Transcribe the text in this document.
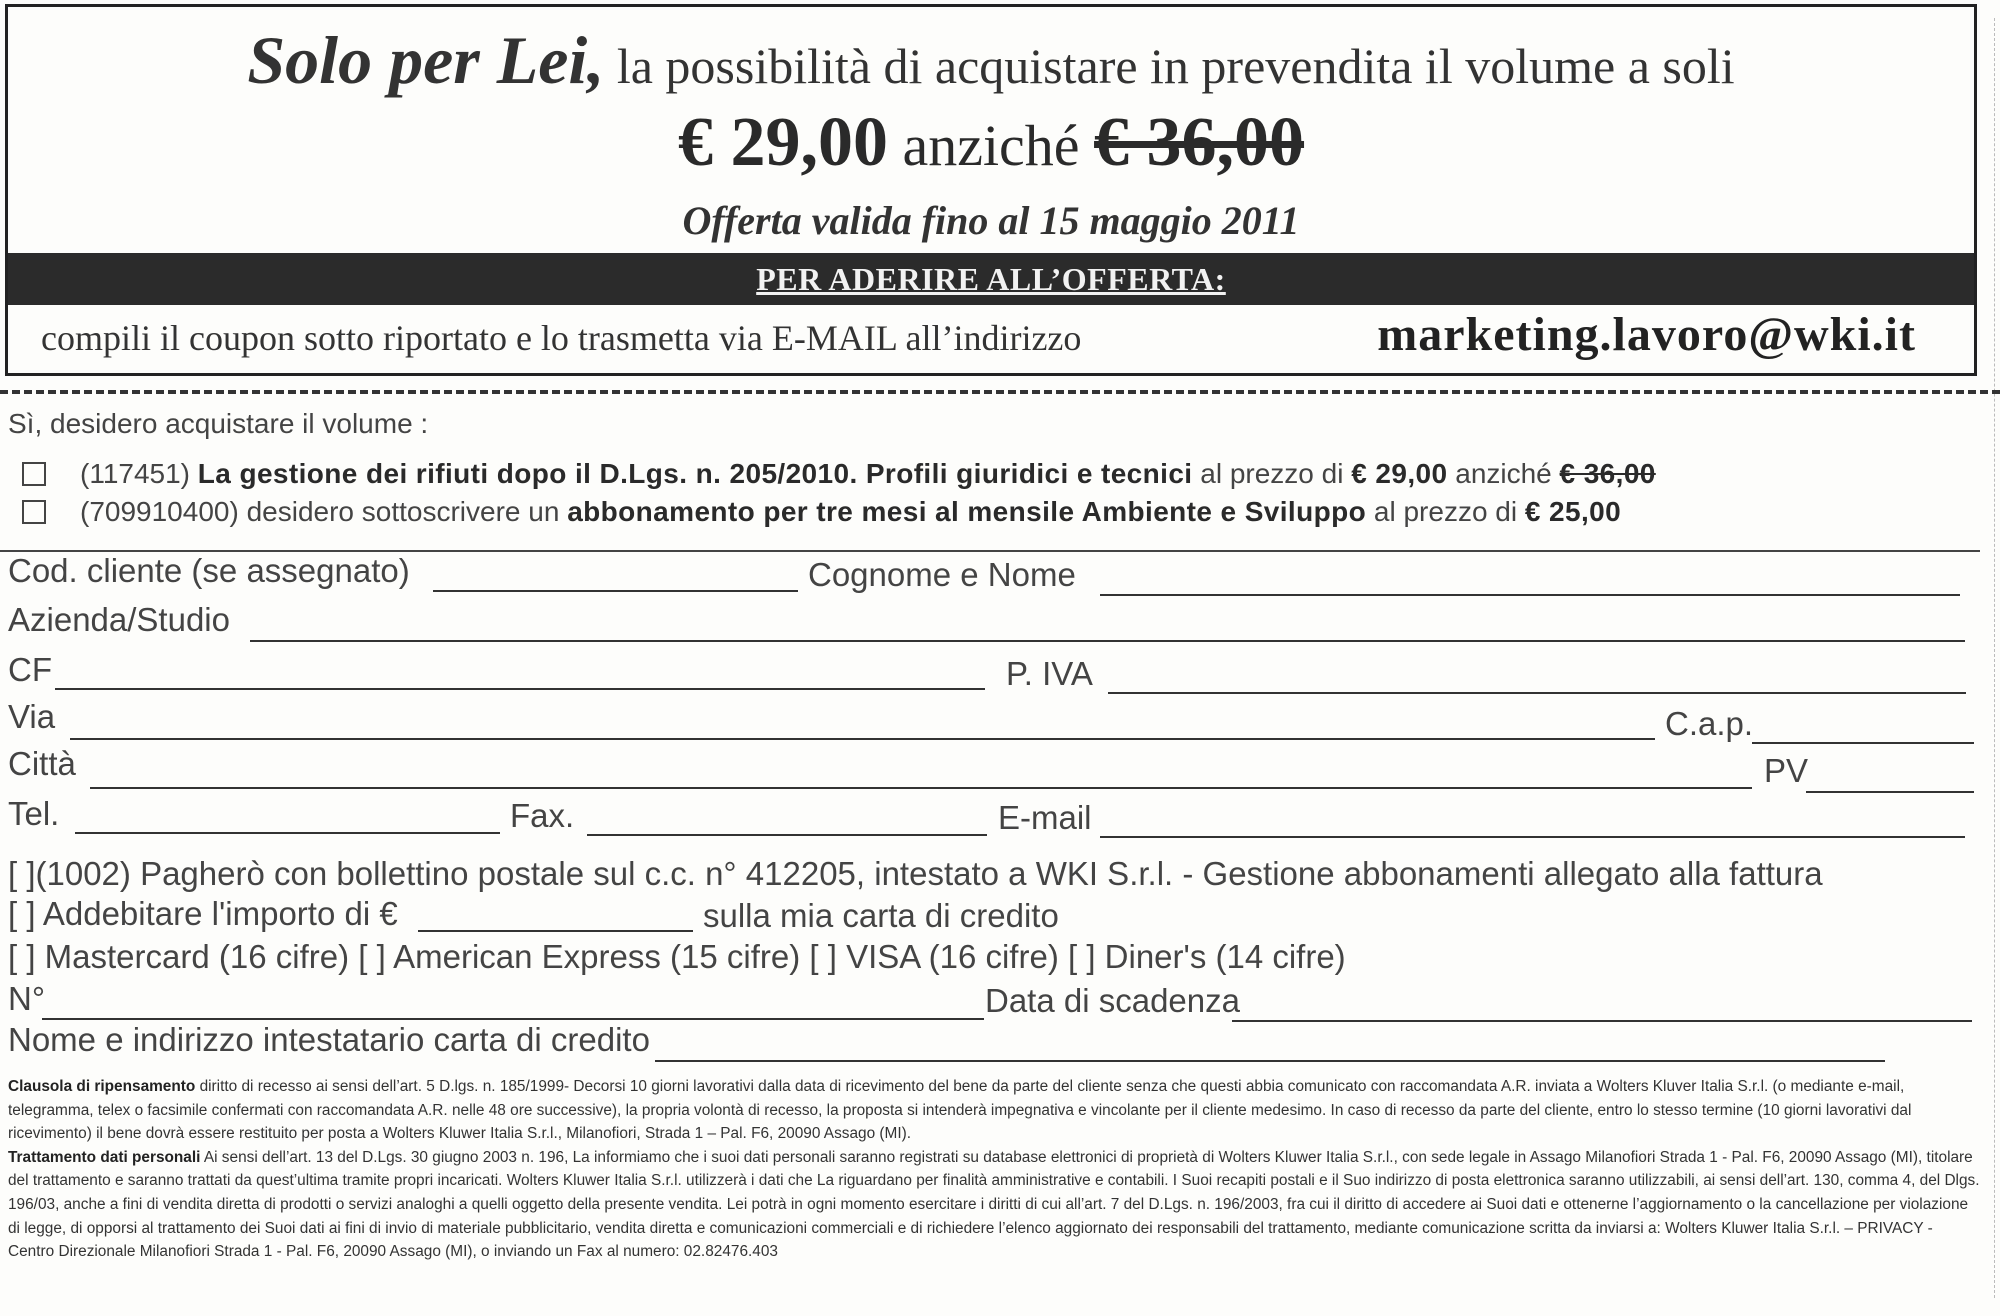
Solo per Lei, la possibilità di acquistare in prevendita il volume a soli
€ 29,00 anziché € 36,00
Offerta valida fino al 15 maggio 2011
PER ADERIRE ALL’OFFERTA:
compili il coupon sotto riportato e lo trasmetta via E-MAIL all’indirizzo	marketing.lavoro@wki.it
Sì, desidero acquistare il volume :
(117451) La gestione dei rifiuti dopo il D.Lgs. n. 205/2010. Profili giuridici e tecnici al prezzo di € 29,00 anziché € 36,00
(709910400) desidero sottoscrivere un abbonamento per tre mesi al mensile Ambiente e Sviluppo al prezzo di € 25,00
Cod. cliente (se assegnato)	Cognome e Nome
Azienda/Studio
CF	P. IVA
Via	C.a.p.
Città	PV
Tel.	Fax.	E-mail
[ ](1002) Pagherò con bollettino postale sul c.c. n° 412205, intestato a WKI S.r.l. - Gestione abbonamenti allegato alla fattura
[ ] Addebitare l'importo di €	sulla mia carta di credito
[ ] Mastercard (16 cifre) [ ] American Express (15 cifre) [ ] VISA (16 cifre) [ ] Diner's (14 cifre)
N°	Data di scadenza
Nome e indirizzo intestatario carta di credito
Clausola di ripensamento diritto di recesso ai sensi dell’art. 5 D.lgs. n. 185/1999- Decorsi 10 giorni lavorativi dalla data di ricevimento del bene da parte del cliente senza che questi abbia comunicato con raccomandata A.R. inviata a Wolters Kluver Italia S.r.l. (o mediante e-mail, telegramma, telex o facsimile confermati con raccomandata A.R. nelle 48 ore successive), la propria volontà di recesso, la proposta si intenderà impegnativa e vincolante per il cliente medesimo. In caso di recesso da parte del cliente, entro lo stesso termine (10 giorni lavorativi dal ricevimento) il bene dovrà essere restituito per posta a Wolters Kluwer Italia S.r.l., Milanofiori, Strada 1 – Pal. F6, 20090 Assago (MI).
Trattamento dati personali Ai sensi dell’art. 13 del D.Lgs. 30 giugno 2003 n. 196, La informiamo che i suoi dati personali saranno registrati su database elettronici di proprietà di Wolters Kluwer Italia S.r.l., con sede legale in Assago Milanofiori Strada 1 - Pal. F6, 20090 Assago (MI), titolare del trattamento e saranno trattati da quest’ultima tramite propri incaricati. Wolters Kluwer Italia S.r.l. utilizzerà i dati che La riguardano per finalità amministrative e contabili. I Suoi recapiti postali e il Suo indirizzo di posta elettronica saranno utilizzabili, ai sensi dell’art. 130, comma 4, del Dlgs. 196/03, anche a fini di vendita diretta di prodotti o servizi analoghi a quelli oggetto della presente vendita. Lei potrà in ogni momento esercitare i diritti di cui all’art. 7 del D.Lgs. n. 196/2003, fra cui il diritto di accedere ai Suoi dati e ottenerne l’aggiornamento o la cancellazione per violazione di legge, di opporsi al trattamento dei Suoi dati ai fini di invio di materiale pubblicitario, vendita diretta e comunicazioni commerciali e di richiedere l’elenco aggiornato dei responsabili del trattamento, mediante comunicazione scritta da inviarsi a: Wolters Kluwer Italia S.r.l. – PRIVACY - Centro Direzionale Milanofiori Strada 1 - Pal. F6, 20090 Assago (MI), o inviando un Fax al numero: 02.82476.403
